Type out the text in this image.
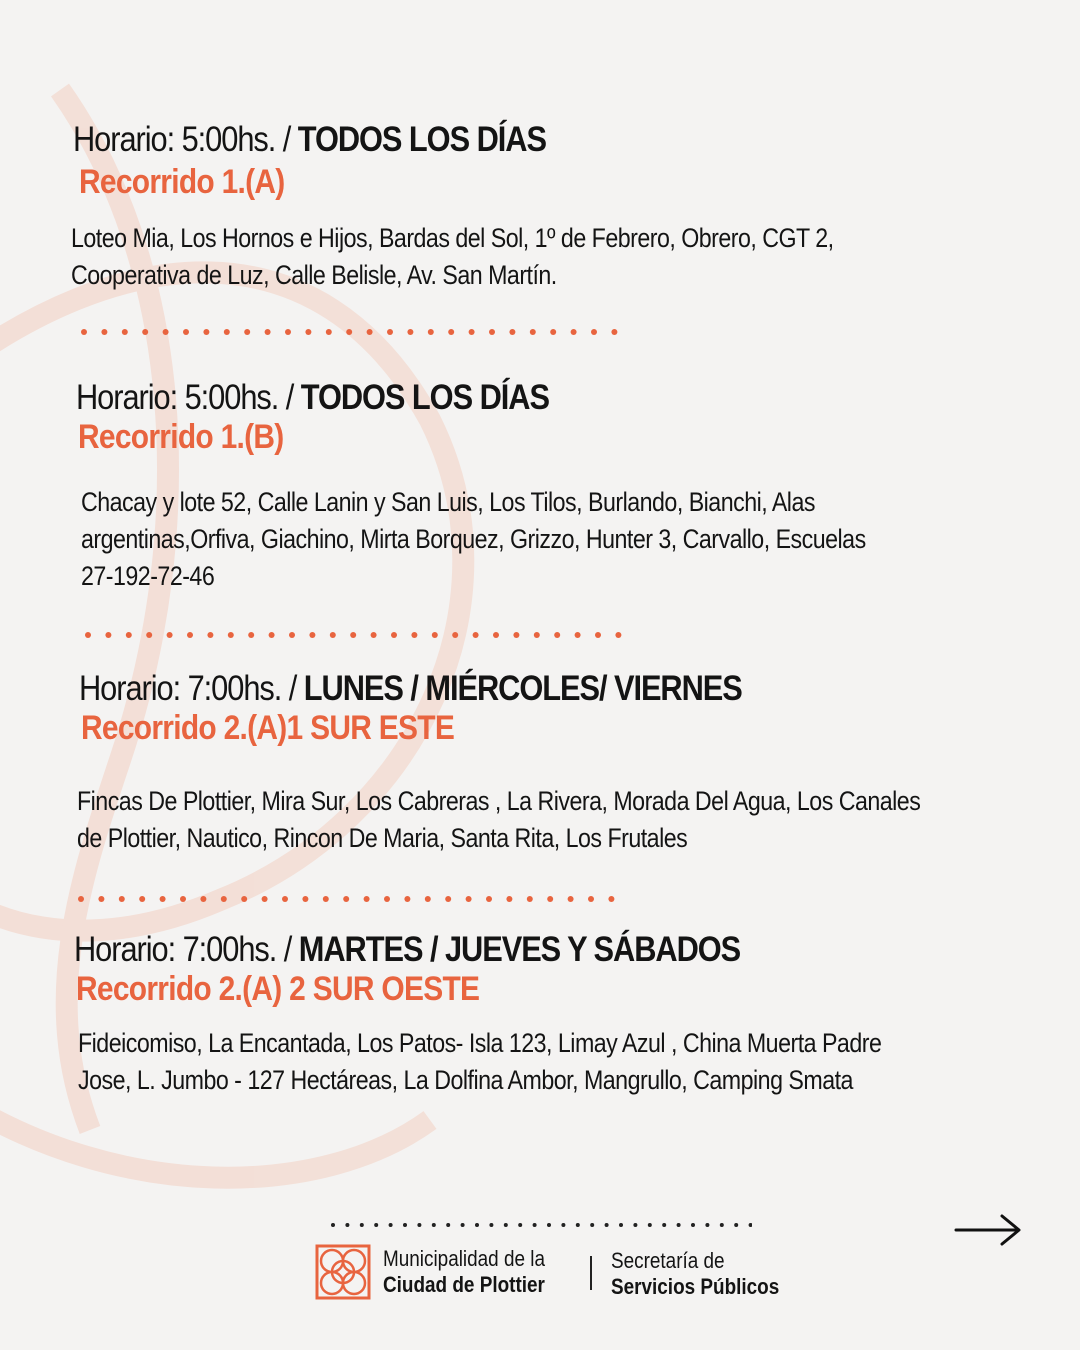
Horario: 5:00hs. / TODOS LOS DÍAS
Recorrido 1.(A)
Loteo Mia, Los Hornos e Hijos, Bardas del Sol, 1º de Febrero, Obrero, CGT 2,
Cooperativa de Luz, Calle Belisle, Av. San Martín.
Horario: 5:00hs. / TODOS LOS DÍAS
Recorrido 1.(B)
Chacay y lote 52, Calle Lanin y San Luis, Los Tilos, Burlando, Bianchi, Alas
argentinas,Orfiva, Giachino, Mirta Borquez, Grizzo, Hunter 3, Carvallo, Escuelas
27-192-72-46
Horario: 7:00hs. / LUNES / MIÉRCOLES/ VIERNES
Recorrido 2.(A)1 SUR ESTE
Fincas De Plottier, Mira Sur, Los Cabreras , La Rivera, Morada Del Agua, Los Canales
de Plottier, Nautico, Rincon De Maria, Santa Rita, Los Frutales
Horario: 7:00hs. / MARTES / JUEVES Y SÁBADOS
Recorrido 2.(A) 2 SUR OESTE
Fideicomiso, La Encantada, Los Patos- Isla 123, Limay Azul , China Muerta Padre
Jose, L. Jumbo - 127 Hectáreas, La Dolfina Ambor, Mangrullo, Camping Smata
Municipalidad de la
Ciudad de Plottier
Secretaría de
Servicios Públicos
